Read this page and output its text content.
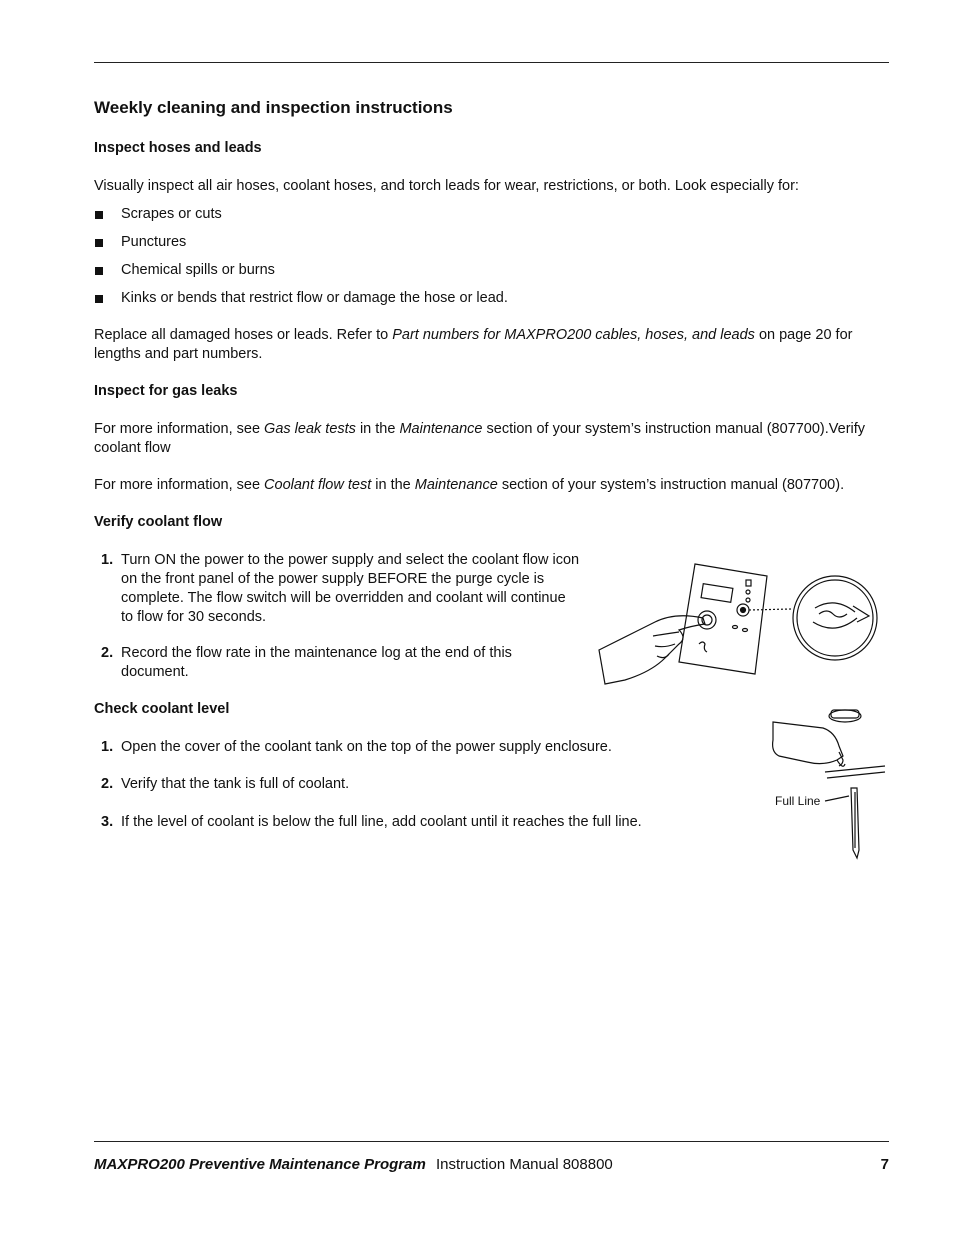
Weekly cleaning and inspection instructions
Inspect hoses and leads

Visually inspect all air hoses, coolant hoses, and torch leads for wear, restrictions, or both. Look especially for:

Scrapes or cuts
Punctures
Chemical spills or burns
Kinks or bends that restrict flow or damage the hose or lead.

Replace all damaged hoses or leads. Refer to Part numbers for MAXPRO200 cables, hoses, and leads on page 20 for lengths and part numbers.

Inspect for gas leaks

For more information, see Gas leak tests in the Maintenance section of your system’s instruction manual (807700).Verify coolant flow

For more information, see Coolant flow test in the Maintenance section of your system’s instruction manual (807700).

Verify coolant flow
1. Turn ON the power to the power supply and select the coolant flow icon on the front panel of the power supply BEFORE the purge cycle is complete. The flow switch will be overridden and coolant will continue to flow for 30 seconds.
2. Record the flow rate in the maintenance log at the end of this document.
Check coolant level
1. Open the cover of the coolant tank on the top of the power supply enclosure.
2. Verify that the tank is full of coolant.
3. If the level of coolant is below the full line, add coolant until it reaches the full line.
Full Line
MAXPRO200 Preventive Maintenance Program Instruction Manual 808800	7
